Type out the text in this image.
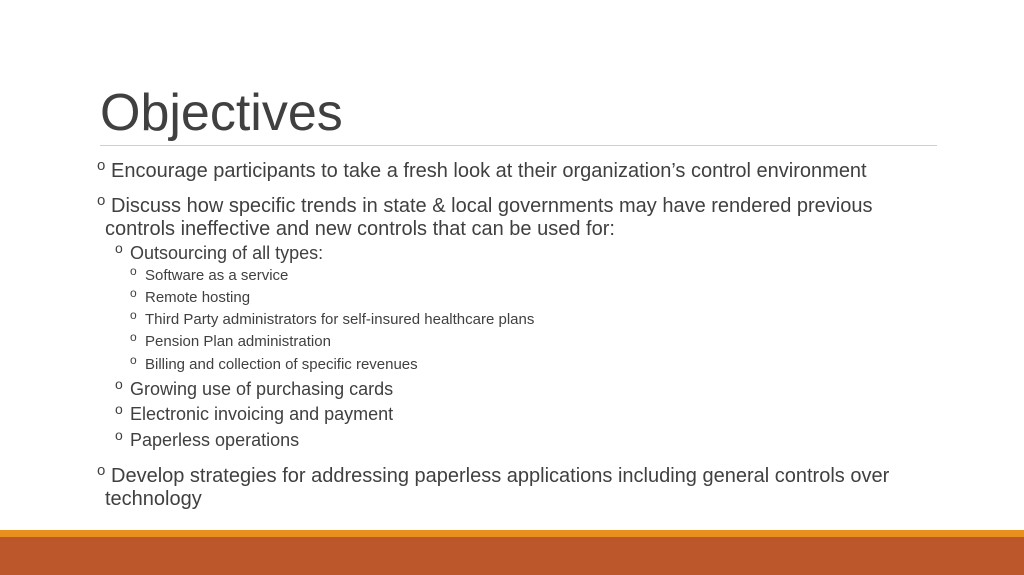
Objectives
o Encourage participants to take a fresh look at their organization’s control environment
o Discuss how specific trends in state & local governments may have rendered previous
controls ineffective and new controls that can be used for:
o Outsourcing of all types:
o Software as a service
o Remote hosting
o Third Party administrators for self-insured healthcare plans
o Pension Plan administration
o Billing and collection of specific revenues
o Growing use of purchasing cards
o Electronic invoicing and payment
o Paperless operations
o Develop strategies for addressing paperless applications including general controls over
technology
